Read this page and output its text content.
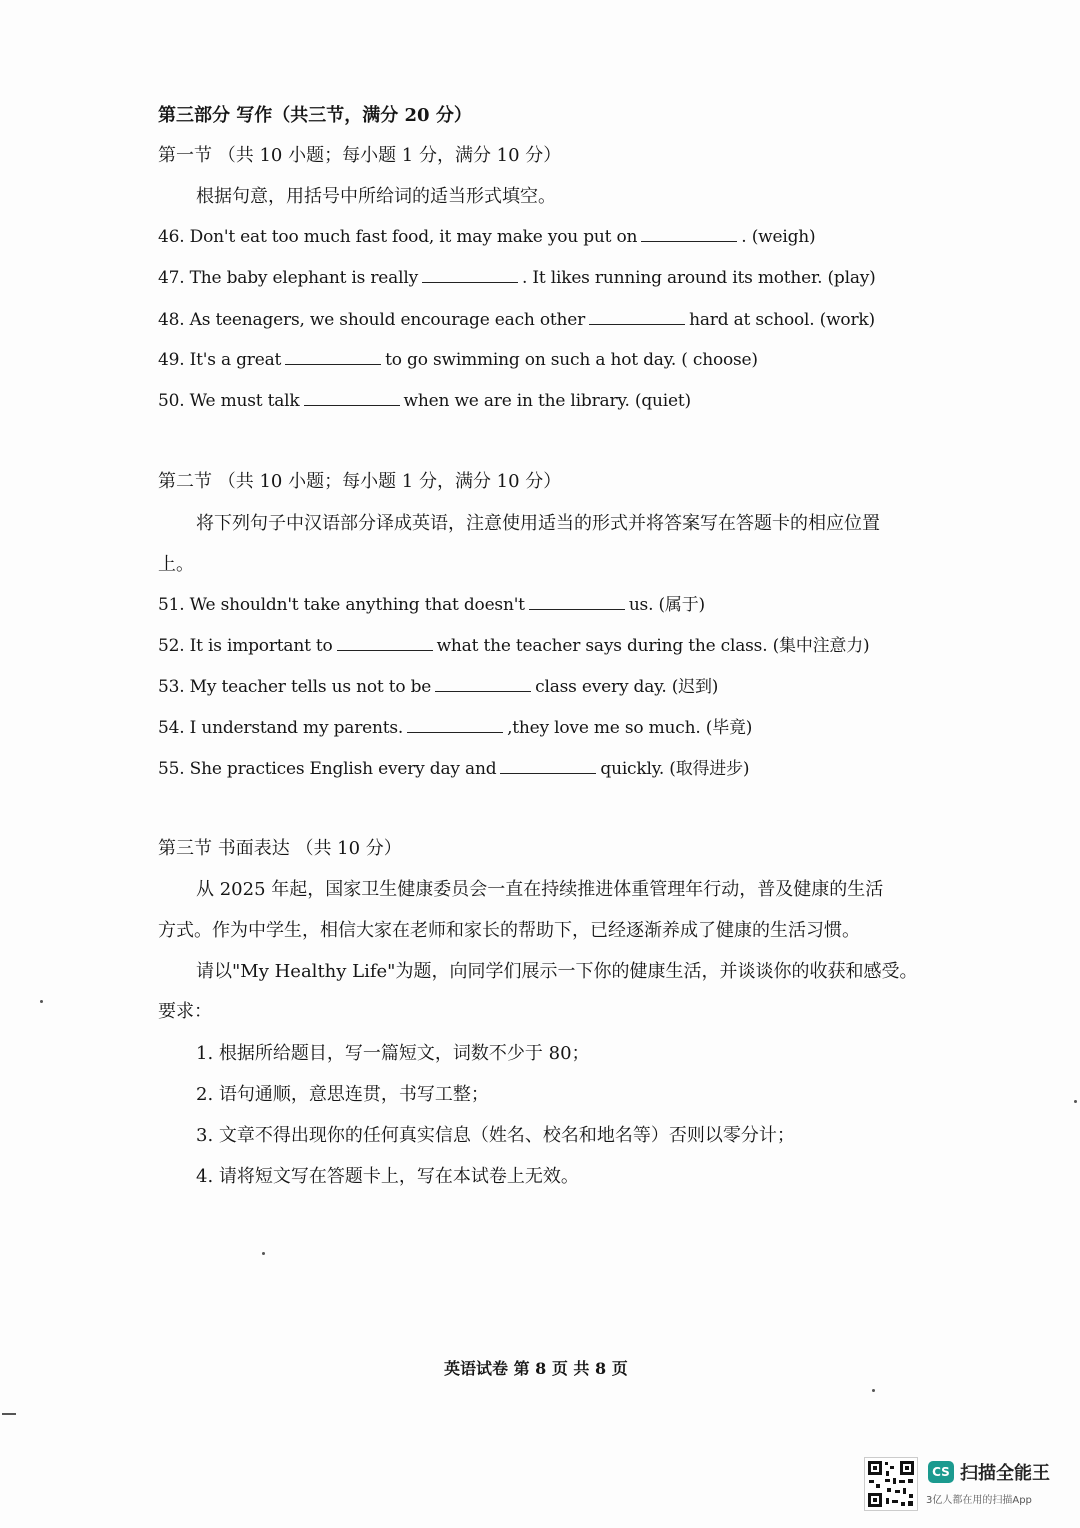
第三部分 写作（共三节，满分 20 分）
第一节 （共 10 小题；每小题 1 分，满分 10 分）
根据句意，用括号中所给词的适当形式填空。
46. Don't eat too much fast food, it may make you put on	. (weigh)
47. The baby elephant is really	. It likes running around its mother. (play)
48. As teenagers, we should encourage each other	hard at school. (work)
49. It's a great	to go swimming on such a hot day. ( choose)
50. We must talk	when we are in the library. (quiet)
第二节 （共 10 小题；每小题 1 分，满分 10 分）
将下列句子中汉语部分译成英语，注意使用适当的形式并将答案写在答题卡的相应位置
上。
51. We shouldn't take anything that doesn't	us. (属于)
52. It is important to	what the teacher says during the class. (集中注意力)
53. My teacher tells us not to be	class every day. (迟到)
54. I understand my parents.	,they love me so much. (毕竟)
55. She practices English every day and	quickly. (取得进步)
第三节 书面表达 （共 10 分）
从 2025 年起，国家卫生健康委员会一直在持续推进体重管理年行动，普及健康的生活
方式。作为中学生，相信大家在老师和家长的帮助下，已经逐渐养成了健康的生活习惯。
请以"My Healthy Life"为题，向同学们展示一下你的健康生活，并谈谈你的收获和感受。
要求：
1. 根据所给题目，写一篇短文，词数不少于 80；
2. 语句通顺，意思连贯，书写工整；
3. 文章不得出现你的任何真实信息（姓名、校名和地名等）否则以零分计；
4. 请将短文写在答题卡上，写在本试卷上无效。
英语试卷 第 8 页 共 8 页
CS 扫描全能王
3亿人都在用的扫描App
